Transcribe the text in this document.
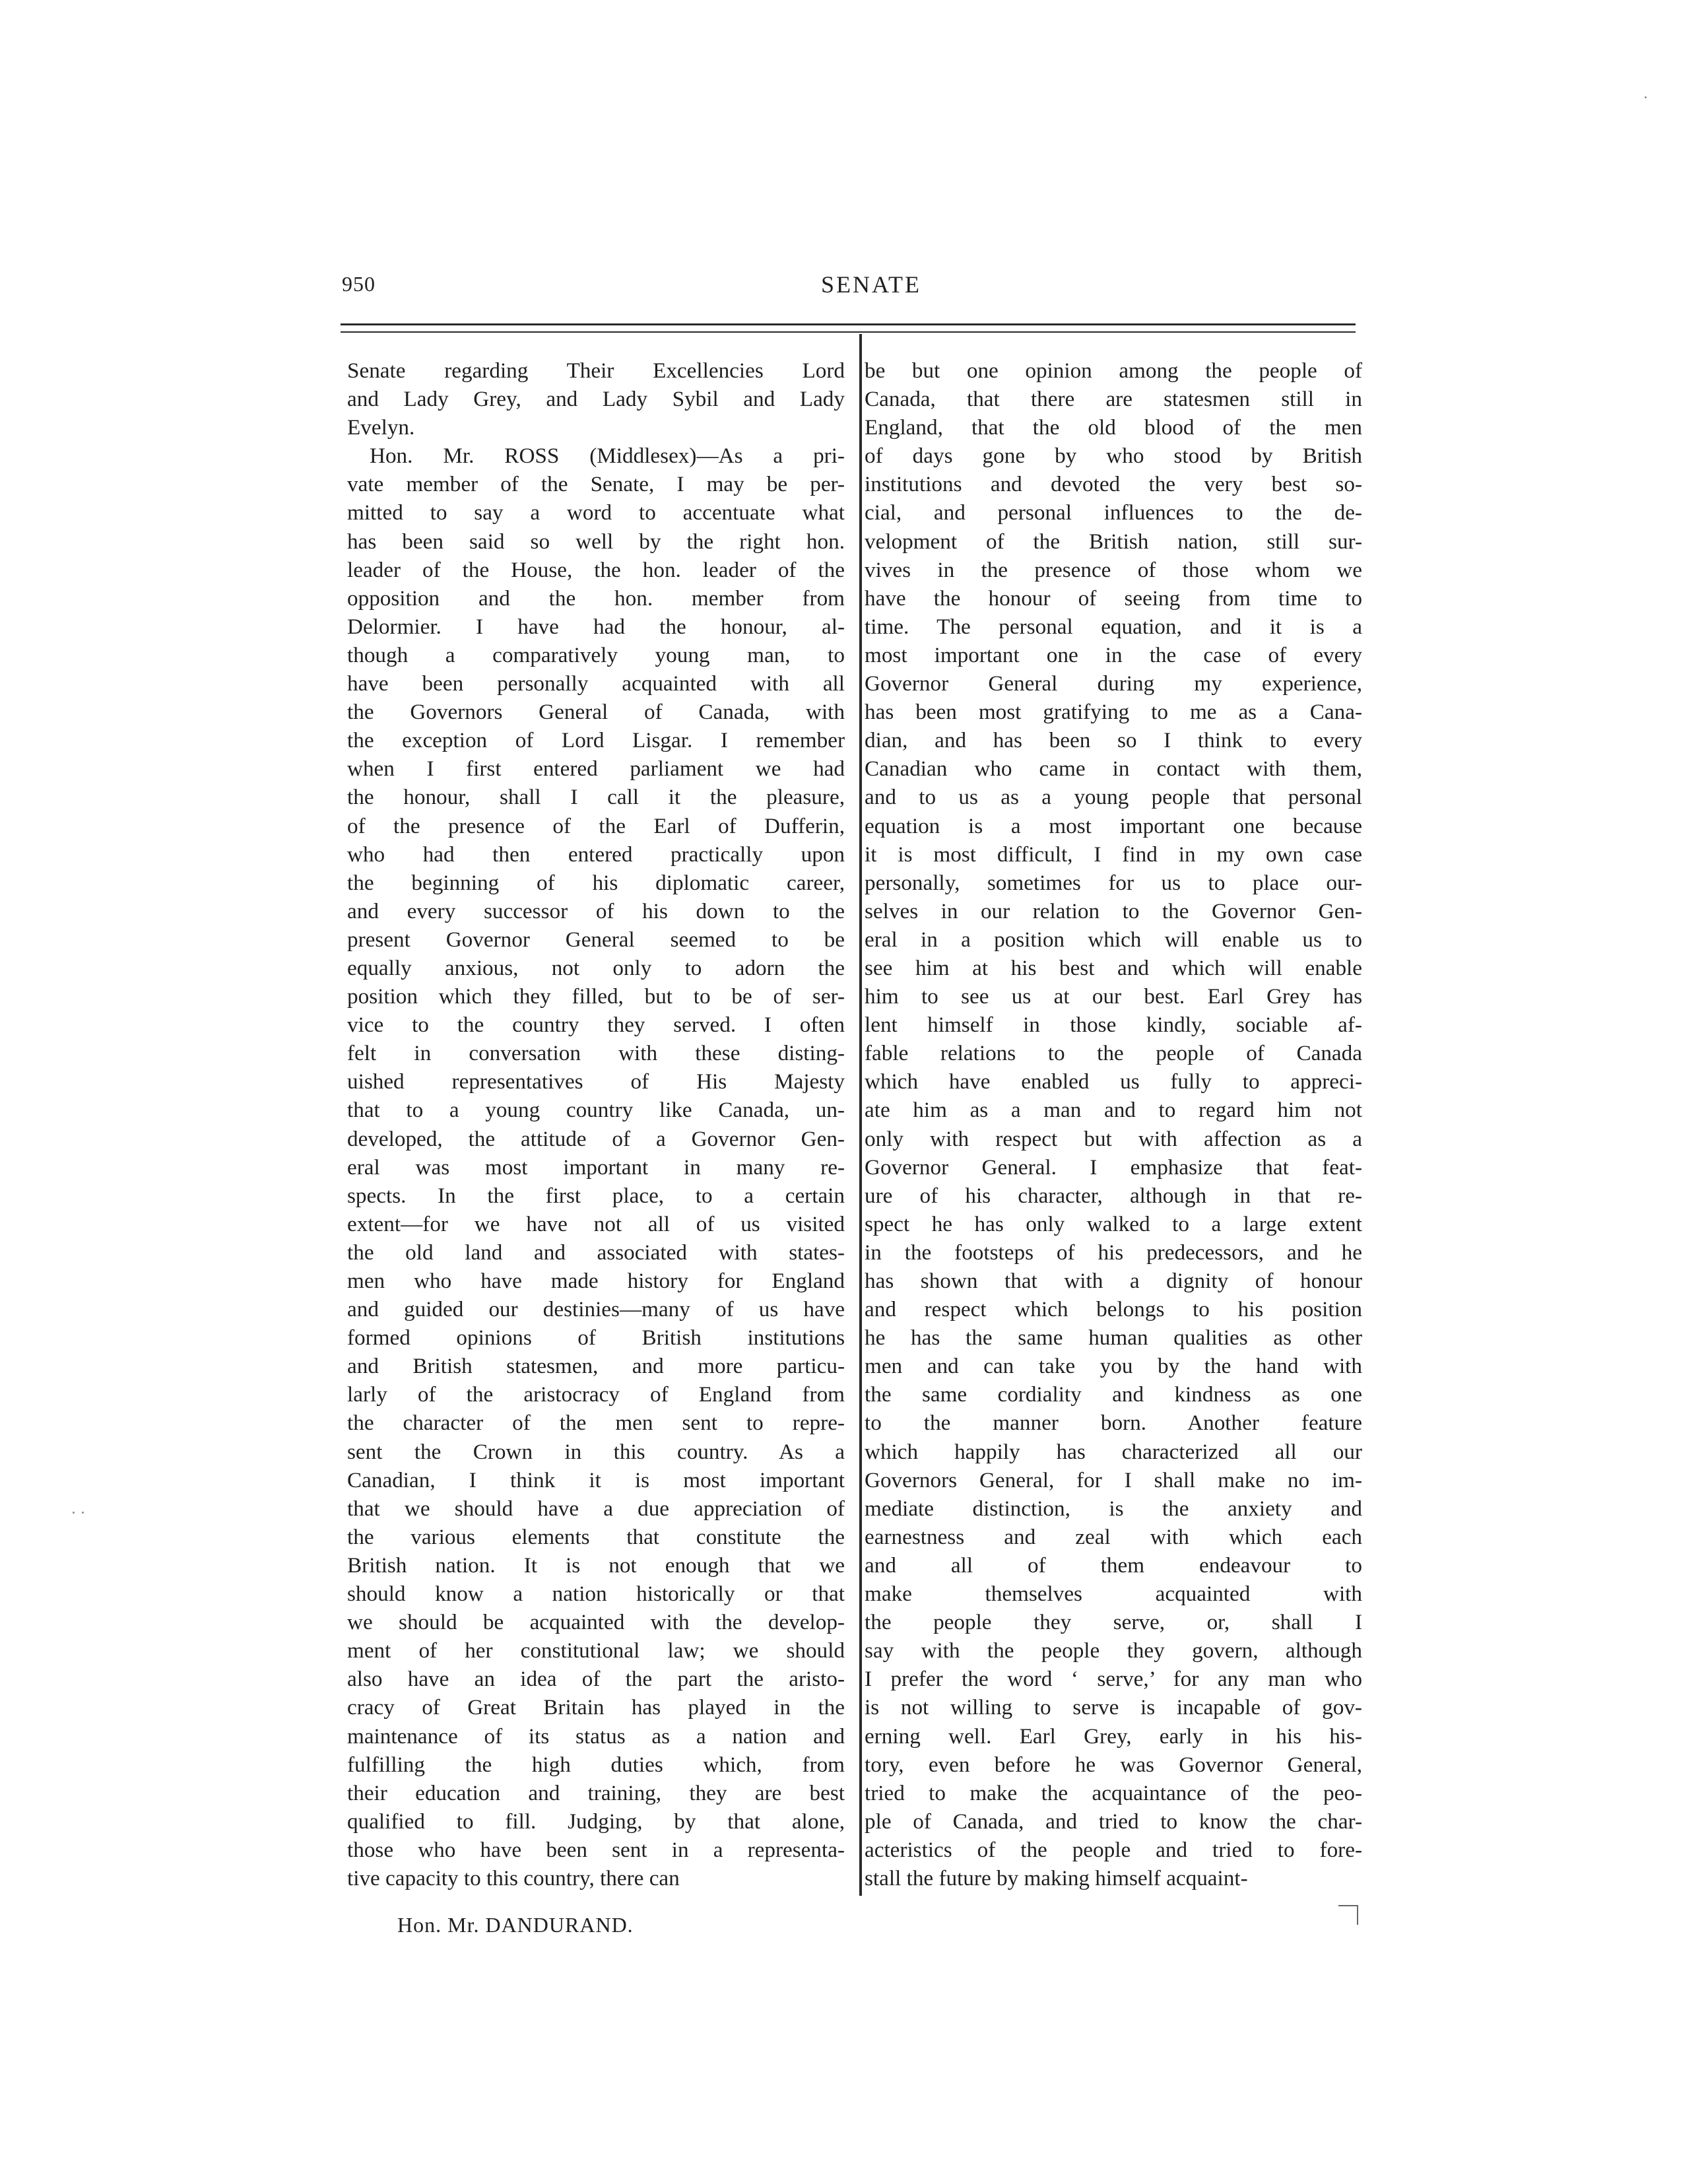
950	SENATE
Senate regarding Their Excellencies Lord
and Lady Grey, and Lady Sybil and Lady
Evelyn.
Hon. Mr. ROSS (Middlesex)—As a pri-
vate member of the Senate, I may be per-
mitted to say a word to accentuate what
has been said so well by the right hon.
leader of the House, the hon. leader of the
opposition and the hon. member from
Delormier. I have had the honour, al-
though a comparatively young man, to
have been personally acquainted with all
the Governors General of Canada, with
the exception of Lord Lisgar. I remember
when I first entered parliament we had
the honour, shall I call it the pleasure,
of the presence of the Earl of Dufferin,
who had then entered practically upon
the beginning of his diplomatic career,
and every successor of his down to the
present Governor General seemed to be
equally anxious, not only to adorn the
position which they filled, but to be of ser-
vice to the country they served. I often
felt in conversation with these disting-
uished representatives of His Majesty
that to a young country like Canada, un-
developed, the attitude of a Governor Gen-
eral was most important in many re-
spects. In the first place, to a certain
extent—for we have not all of us visited
the old land and associated with states-
men who have made history for England
and guided our destinies—many of us have
formed opinions of British institutions
and British statesmen, and more particu-
larly of the aristocracy of England from
the character of the men sent to repre-
sent the Crown in this country. As a
Canadian, I think it is most important
that we should have a due appreciation of
the various elements that constitute the
British nation. It is not enough that we
should know a nation historically or that
we should be acquainted with the develop-
ment of her constitutional law; we should
also have an idea of the part the aristo-
cracy of Great Britain has played in the
maintenance of its status as a nation and
fulfilling the high duties which, from
their education and training, they are best
qualified to fill. Judging, by that alone,
those who have been sent in a representa-
tive capacity to this country, there can
be but one opinion among the people of
Canada, that there are statesmen still in
England, that the old blood of the men
of days gone by who stood by British
institutions and devoted the very best so-
cial, and personal influences to the de-
velopment of the British nation, still sur-
vives in the presence of those whom we
have the honour of seeing from time to
time. The personal equation, and it is a
most important one in the case of every
Governor General during my experience,
has been most gratifying to me as a Cana-
dian, and has been so I think to every
Canadian who came in contact with them,
and to us as a young people that personal
equation is a most important one because
it is most difficult, I find in my own case
personally, sometimes for us to place our-
selves in our relation to the Governor Gen-
eral in a position which will enable us to
see him at his best and which will enable
him to see us at our best. Earl Grey has
lent himself in those kindly, sociable af-
fable relations to the people of Canada
which have enabled us fully to appreci-
ate him as a man and to regard him not
only with respect but with affection as a
Governor General. I emphasize that feat-
ure of his character, although in that re-
spect he has only walked to a large extent
in the footsteps of his predecessors, and he
has shown that with a dignity of honour
and respect which belongs to his position
he has the same human qualities as other
men and can take you by the hand with
the same cordiality and kindness as one
to the manner born. Another feature
which happily has characterized all our
Governors General, for I shall make no im-
mediate distinction, is the anxiety and
earnestness and zeal with which each
and all of them endeavour to
make themselves acquainted with
the people they serve, or, shall I
say with the people they govern, although
I prefer the word ‘ serve,’ for any man who
is not willing to serve is incapable of gov-
erning well. Earl Grey, early in his his-
tory, even before he was Governor General,
tried to make the acquaintance of the peo-
ple of Canada, and tried to know the char-
acteristics of the people and tried to fore-
stall the future by making himself acquaint-
Hon. Mr. DANDURAND.
